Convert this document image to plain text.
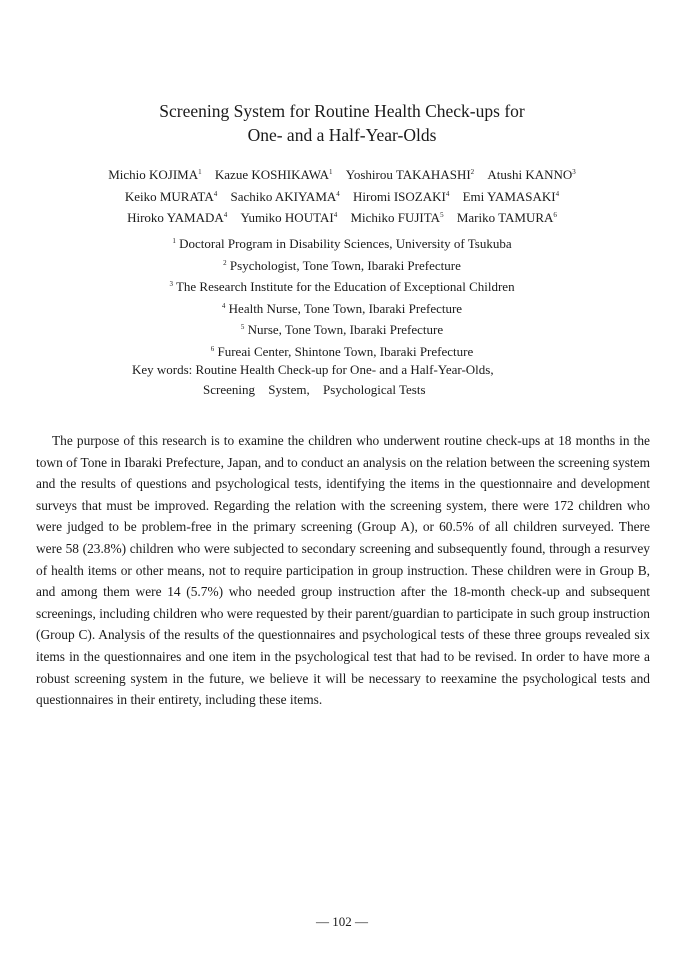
Screening System for Routine Health Check-ups for
One- and a Half-Year-Olds
Michio KOJIMA$^1$ Kazue KOSHIKAWA$^1$ Yoshirou TAKAHASHI$^2$ Atushi KANNO$^3$
Keiko MURATA$^4$ Sachiko AKIYAMA$^4$ Hiromi ISOZAKI$^4$ Emi YAMASAKI$^4$
Hiroko YAMADA$^4$ Yumiko HOUTAI$^4$ Michiko FUJITA$^5$ Mariko TAMURA$^6$
$^1$ Doctoral Program in Disability Sciences, University of Tsukuba
$^2$ Psychologist, Tone Town, Ibaraki Prefecture
$^3$ The Research Institute for the Education of Exceptional Children
$^4$ Health Nurse, Tone Town, Ibaraki Prefecture
$^5$ Nurse, Tone Town, Ibaraki Prefecture
$^6$ Fureai Center, Shintone Town, Ibaraki Prefecture
Key words: Routine Health Check-up for One- and a Half-Year-Olds,
Screening System, Psychological Tests

The purpose of this research is to examine the children who underwent routine check-ups at 18 months in the town of Tone in Ibaraki Prefecture, Japan, and to conduct an analysis on the relation between the screening system and the results of questions and psychological tests, identifying the items in the questionnaire and development surveys that must be improved. Regarding the relation with the screening system, there were 172 children who were judged to be problem-free in the primary screening (Group A), or 60.5% of all children surveyed. There were 58 (23.8%) children who were subjected to secondary screening and subsequently found, through a resurvey of health items or other means, not to require participation in group instruction. These children were in Group B, and among them were 14 (5.7%) who needed group instruction after the 18-month check-up and subsequent screenings, including children who were requested by their parent/guardian to participate in such group instruction (Group C). Analysis of the results of the questionnaires and psychological tests of these three groups revealed six items in the questionnaires and one item in the psychological test that had to be revised. In order to have more a robust screening system in the future, we believe it will be necessary to reexamine the psychological tests and questionnaires in their entirety, including these items.

— 102 —
